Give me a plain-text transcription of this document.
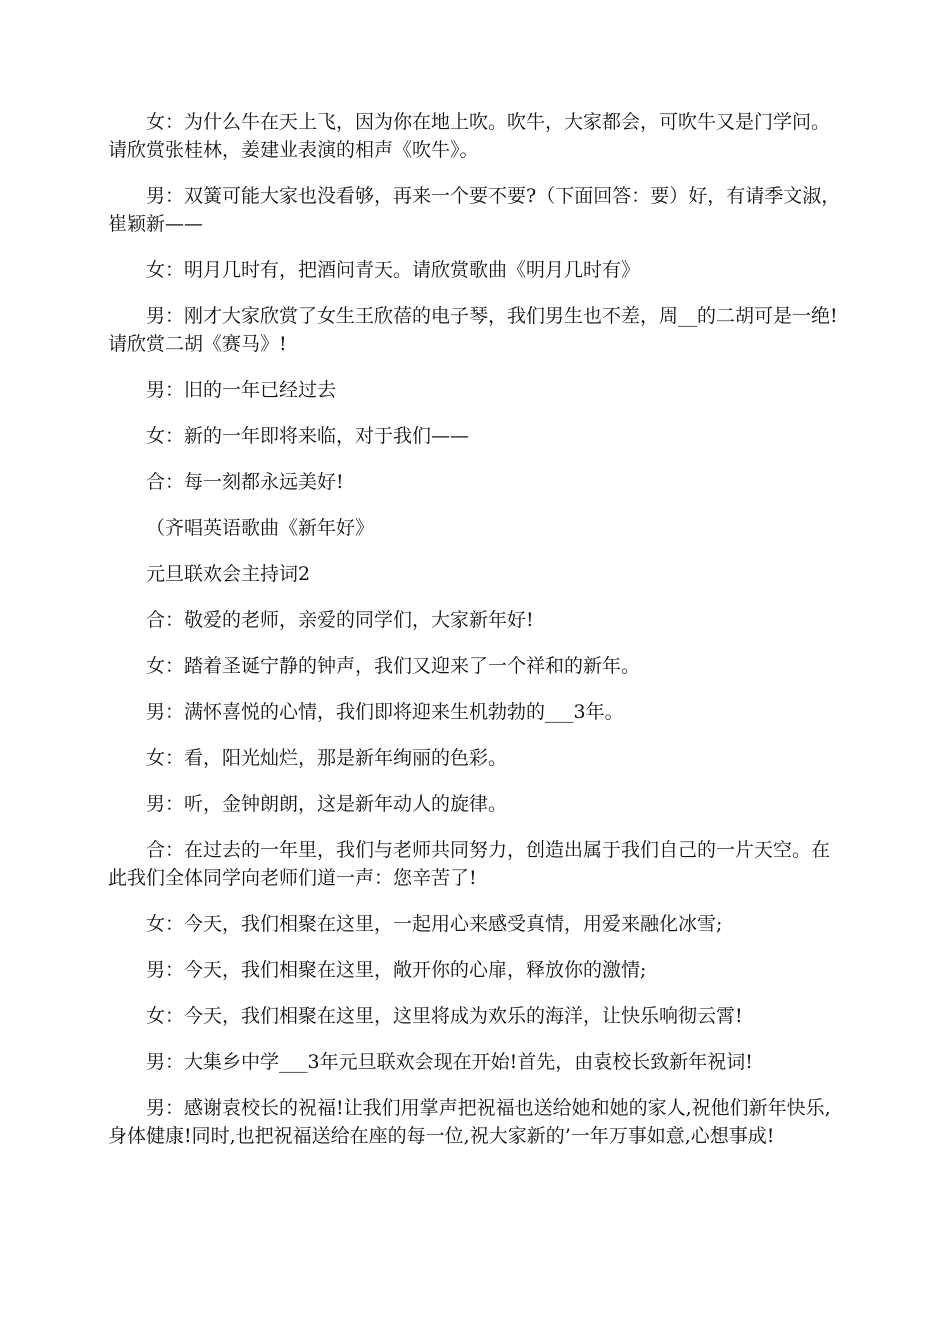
女：为什么牛在天上飞，因为你在地上吹。吹牛，大家都会，可吹牛又是门学问。请欣赏张桂林，姜建业表演的相声《吹牛》。

男：双簧可能大家也没看够，再来一个要不要?（下面回答：要）好，有请季文淑，崔颖新——

女：明月几时有，把酒问青天。请欣赏歌曲《明月几时有》

男：刚才大家欣赏了女生王欣蓓的电子琴，我们男生也不差，周__的二胡可是一绝!请欣赏二胡《赛马》!

男：旧的一年已经过去

女：新的一年即将来临，对于我们——

合：每一刻都永远美好!

（齐唱英语歌曲《新年好》

元旦联欢会主持词2

合：敬爱的老师，亲爱的同学们，大家新年好!

女：踏着圣诞宁静的钟声，我们又迎来了一个祥和的新年。

男：满怀喜悦的心情，我们即将迎来生机勃勃的___3年。

女：看，阳光灿烂，那是新年绚丽的色彩。

男：听，金钟朗朗，这是新年动人的旋律。

合：在过去的一年里，我们与老师共同努力，创造出属于我们自己的一片天空。在此我们全体同学向老师们道一声：您辛苦了!

女：今天，我们相聚在这里，一起用心来感受真情，用爱来融化冰雪;

男：今天，我们相聚在这里，敞开你的心扉，释放你的激情;

女：今天，我们相聚在这里，这里将成为欢乐的海洋，让快乐响彻云霄!

男：大集乡中学___3年元旦联欢会现在开始!首先，由袁校长致新年祝词!

男：感谢袁校长的祝福!让我们用掌声把祝福也送给她和她的家人,祝他们新年快乐,身体健康!同时,也把祝福送给在座的每一位,祝大家新的’一年万事如意,心想事成!
